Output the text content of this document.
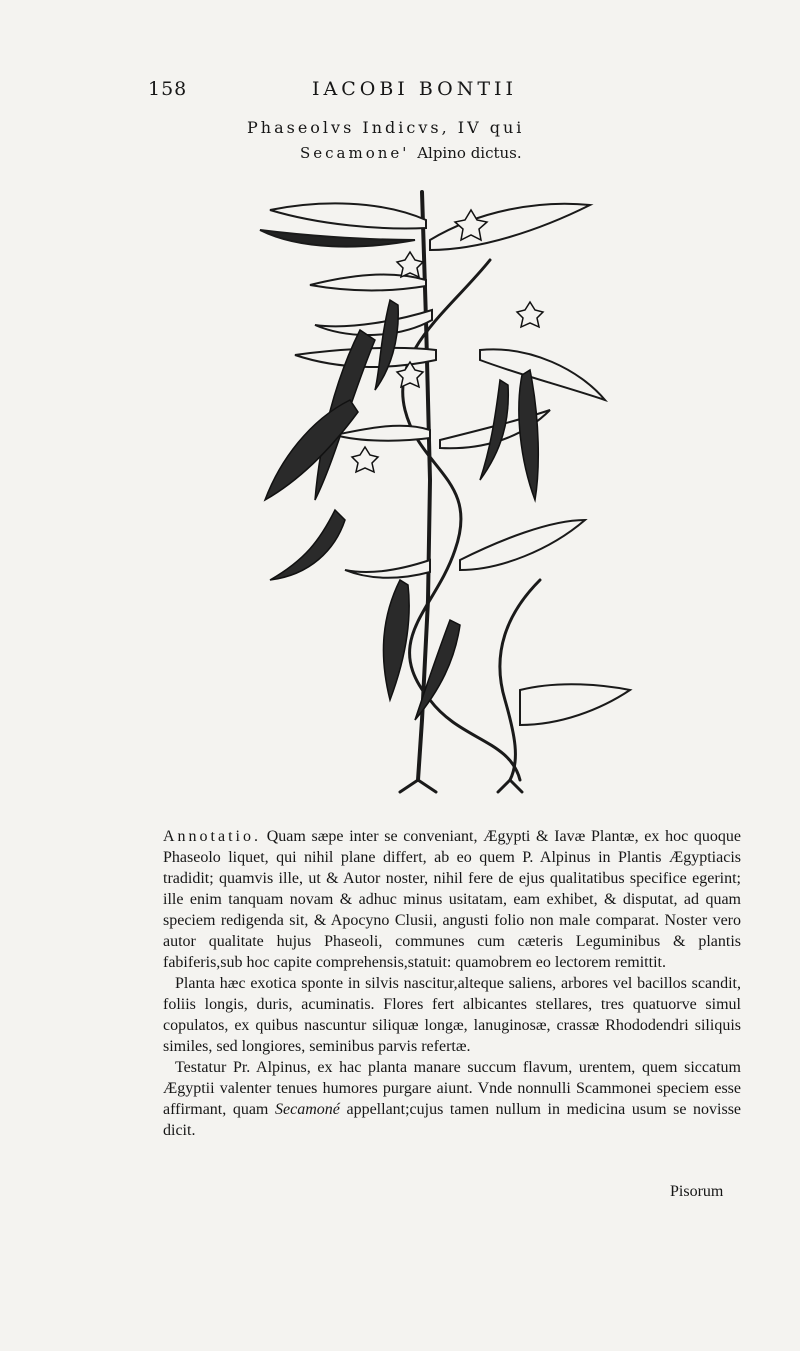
158	IACOBI BONTII
Phaseolvs Indicvs, IV qui
Secamone' Alpino dictus.

Annotatio. Quam sæpe inter se conveniant, Ægypti & Iavæ Plantæ, ex hoc quoque Phaseolo liquet, qui nihil plane differt, ab eo quem P. Alpinus in Plantis Ægyptiacis tradidit; quamvis ille, ut & Autor noster, nihil fere de ejus qualitatibus specifice egerint; ille enim tanquam novam & adhuc minus usitatam, eam exhibet, & disputat, ad quam speciem redigenda sit, & Apocyno Clusii, angusti folio non male comparat. Noster vero autor qualitate hujus Phaseoli, communes cum cæteris Leguminibus & plantis fabiferis,sub hoc capite comprehensis,statuit: quamobrem eo lectorem remittit.

Planta hæc exotica sponte in silvis nascitur,alteque saliens, arbores vel bacillos scandit, foliis longis, duris, acuminatis. Flores fert albicantes stellares, tres quatuorve simul copulatos, ex quibus nascuntur siliquæ longæ, lanuginosæ, crassæ Rhododendri siliquis similes, sed longiores, seminibus parvis refertæ.

Testatur Pr. Alpinus, ex hac planta manare succum flavum, urentem, quem siccatum Ægyptii valenter tenues humores purgare aiunt. Vnde nonnulli Scammonei speciem esse affirmant, quam Secamoné appellant;cujus tamen nullum in medicina usum se novisse dicit.

Pisorum
